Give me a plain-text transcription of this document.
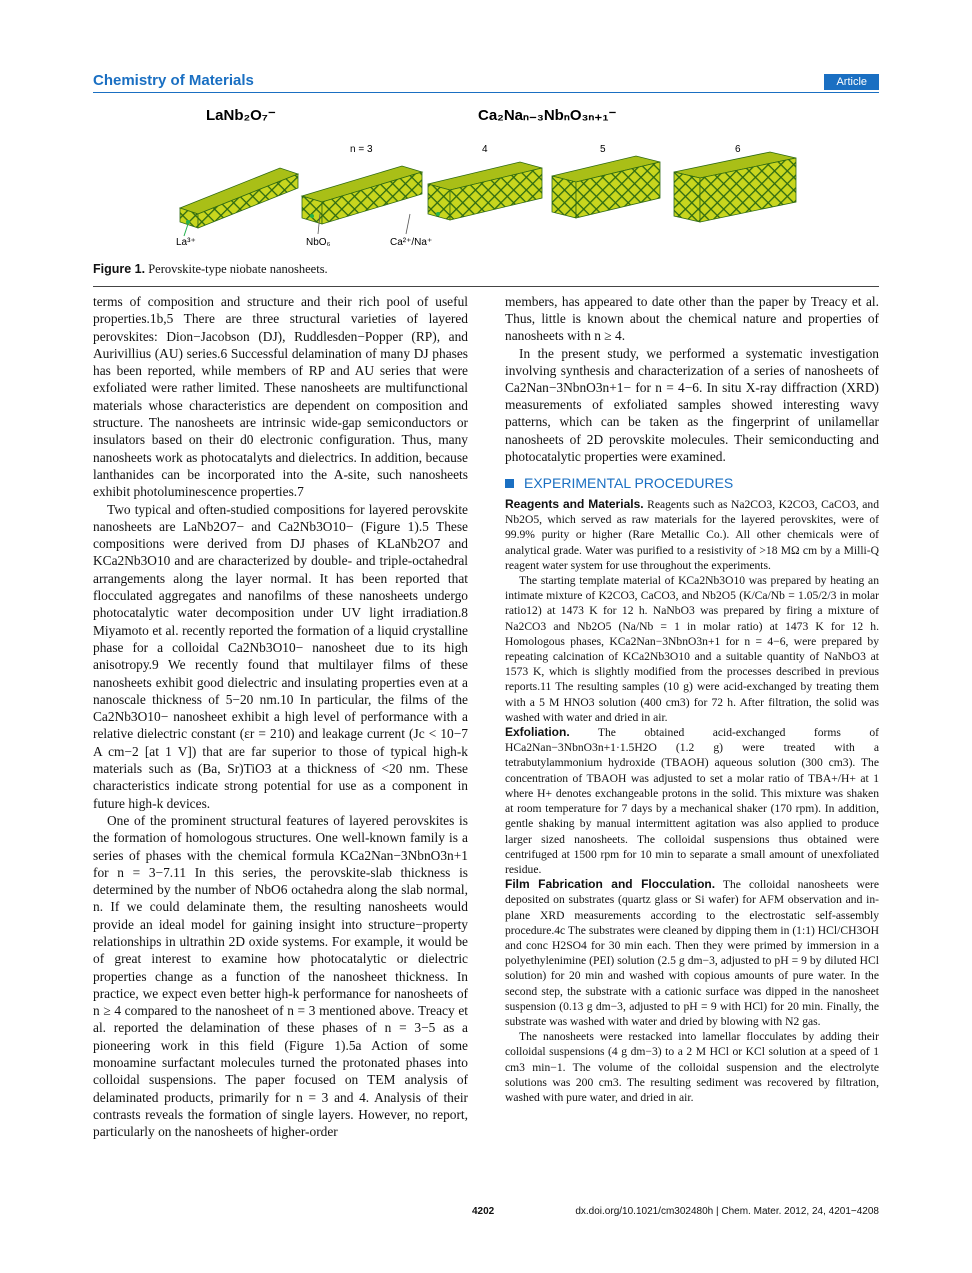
Chemistry of Materials	Article
LaNb₂O₇⁻	Ca₂Naₙ₋₃NbₙO₃ₙ₊₁⁻
n = 3	4	5	6
La³⁺	NbO₆	Ca²⁺/Na⁺
Figure 1. Perovskite-type niobate nanosheets.

terms of composition and structure and their rich pool of useful properties.1b,5 There are three structural varieties of layered perovskites: Dion−Jacobson (DJ), Ruddlesden−Popper (RP), and Aurivillius (AU) series.6 Successful delamination of many DJ phases has been reported, while members of RP and AU series that were exfoliated were rather limited. These nanosheets are multifunctional materials whose characteristics are dependent on composition and structure. The nanosheets are intrinsic wide-gap semiconductors or insulators based on their d0 electronic configuration. Thus, many nanosheets work as photocatalyts and dielectrics. In addition, because lanthanides can be incorporated into the A-site, such nanosheets exhibit photoluminescence properties.7

Two typical and often-studied compositions for layered perovskite nanosheets are LaNb2O7− and Ca2Nb3O10− (Figure 1).5 These compositions were derived from DJ phases of KLaNb2O7 and KCa2Nb3O10 and are characterized by double- and triple-octahedral arrangements along the layer normal. It has been reported that flocculated aggregates and nanofilms of these nanosheets undergo photocatalytic water decomposition under UV light irradiation.8 Miyamoto et al. recently reported the formation of a liquid crystalline phase for a colloidal Ca2Nb3O10− nanosheet due to its high anisotropy.9 We recently found that multilayer films of these nanosheets exhibit good dielectric and insulating properties even at a nanoscale thickness of 5−20 nm.10 In particular, the films of the Ca2Nb3O10− nanosheet exhibit a high level of performance with a relative dielectric constant (εr = 210) and leakage current (Jc < 10−7 A cm−2 [at 1 V]) that are far superior to those of typical high-k materials such as (Ba, Sr)TiO3 at a thickness of <20 nm. These characteristics indicate strong potential for use as a component in future high-k devices.

One of the prominent structural features of layered perovskites is the formation of homologous structures. One well-known family is a series of phases with the chemical formula KCa2Nan−3NbnO3n+1 for n = 3−7.11 In this series, the perovskite-slab thickness is determined by the number of NbO6 octahedra along the slab normal, n. If we could delaminate them, the resulting nanosheets would provide an ideal model for gaining insight into structure−property relationships in ultrathin 2D oxide systems. For example, it would be of great interest to examine how photocatalytic or dielectric properties change as a function of the nanosheet thickness. In practice, we expect even better high-k performance for nanosheets of n ≥ 4 compared to the nanosheet of n = 3 mentioned above. Treacy et al. reported the delamination of these phases of n = 3−5 as a pioneering work in this field (Figure 1).5a Action of some monoamine surfactant molecules turned the protonated phases into colloidal suspensions. The paper focused on TEM analysis of delaminated products, primarily for n = 3 and 4. Analysis of their contrasts reveals the formation of single layers. However, no report, particularly on the nanosheets of higher-order

members, has appeared to date other than the paper by Treacy et al. Thus, little is known about the chemical nature and properties of nanosheets with n ≥ 4.

In the present study, we performed a systematic investigation involving synthesis and characterization of a series of nanosheets of Ca2Nan−3NbnO3n+1− for n = 4−6. In situ X-ray diffraction (XRD) measurements of exfoliated samples showed interesting wavy patterns, which can be taken as the fingerprint of unilamellar nanosheets of 2D perovskite molecules. Their semiconducting and photocatalytic properties were examined.

EXPERIMENTAL PROCEDURES

Reagents and Materials. Reagents such as Na2CO3, K2CO3, CaCO3, and Nb2O5, which served as raw materials for the layered perovskites, were of 99.9% purity or higher (Rare Metallic Co.). All other chemicals were of analytical grade. Water was purified to a resistivity of >18 MΩ cm by a Milli-Q reagent water system for use throughout the experiments.

The starting template material of KCa2Nb3O10 was prepared by heating an intimate mixture of K2CO3, CaCO3, and Nb2O5 (K/Ca/Nb = 1.05/2/3 in molar ratio12) at 1473 K for 12 h. NaNbO3 was prepared by firing a mixture of Na2CO3 and Nb2O5 (Na/Nb = 1 in molar ratio) at 1473 K for 12 h. Homologous phases, KCa2Nan−3NbnO3n+1 for n = 4−6, were prepared by repeating calcination of KCa2Nb3O10 and a suitable quantity of NaNbO3 at 1573 K, which is slightly modified from the processes described in previous reports.11 The resulting samples (10 g) were acid-exchanged by treating them with a 5 M HNO3 solution (400 cm3) for 72 h. After filtration, the solid was washed with water and dried in air.

Exfoliation. The obtained acid-exchanged forms of HCa2Nan−3NbnO3n+1·1.5H2O (1.2 g) were treated with a tetrabutylammonium hydroxide (TBAOH) aqueous solution (300 cm3). The concentration of TBAOH was adjusted to set a molar ratio of TBA+/H+ at 1 where H+ denotes exchangeable protons in the solid. This mixture was shaken at room temperature for 7 days by a mechanical shaker (170 rpm). In addition, gentle shaking by manual intermittent agitation was also applied to produce larger sized nanosheets. The colloidal suspensions thus obtained were centrifuged at 1500 rpm for 10 min to separate a small amount of unexfoliated residue.

Film Fabrication and Flocculation. The colloidal nanosheets were deposited on substrates (quartz glass or Si wafer) for AFM observation and in-plane XRD measurements according to the electrostatic self-assembly procedure.4c The substrates were cleaned by dipping them in (1:1) HCl/CH3OH and conc H2SO4 for 30 min each. Then they were primed by immersion in a polyethylenimine (PEI) solution (2.5 g dm−3, adjusted to pH = 9 by diluted HCl solution) for 20 min and washed with copious amounts of pure water. In the second step, the substrate with a cationic surface was dipped in the nanosheet suspension (0.13 g dm−3, adjusted to pH = 9 with HCl) for 20 min. Finally, the substrate was washed with water and dried by blowing with N2 gas.

The nanosheets were restacked into lamellar flocculates by adding their colloidal suspensions (4 g dm−3) to a 2 M HCl or KCl solution at a speed of 1 cm3 min−1. The volume of the colloidal suspension and the electrolyte solutions was 200 cm3. The resulting sediment was recovered by filtration, washed with pure water, and dried in air.

4202	dx.doi.org/10.1021/cm302480h | Chem. Mater. 2012, 24, 4201−4208
